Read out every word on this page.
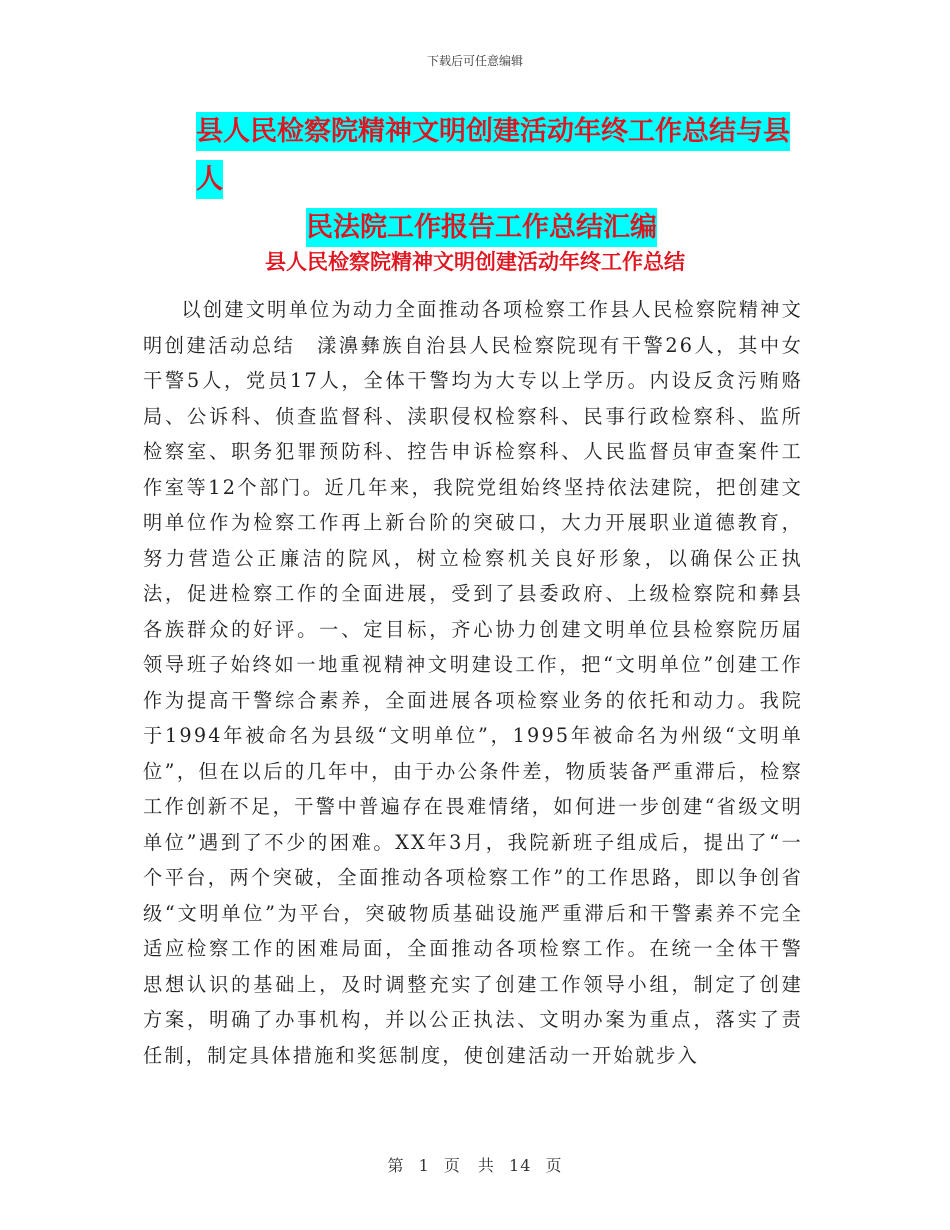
下载后可任意编辑
县人民检察院精神文明创建活动年终工作总结与县人
民法院工作报告工作总结汇编
县人民检察院精神文明创建活动年终工作总结

以创建文明单位为动力全面推动各项检察工作县人民检察院精神文明创建活动总结　漾濞彝族自治县人民检察院现有干警26人，其中女干警5人，党员17人，全体干警均为大专以上学历。内设反贪污贿赂局、公诉科、侦查监督科、渎职侵权检察科、民事行政检察科、监所检察室、职务犯罪预防科、控告申诉检察科、人民监督员审查案件工作室等12个部门。近几年来，我院党组始终坚持依法建院，把创建文明单位作为检察工作再上新台阶的突破口，大力开展职业道德教育，努力营造公正廉洁的院风，树立检察机关良好形象，以确保公正执法，促进检察工作的全面进展，受到了县委政府、上级检察院和彝县各族群众的好评。一、定目标，齐心协力创建文明单位县检察院历届领导班子始终如一地重视精神文明建设工作，把“文明单位”创建工作作为提高干警综合素养，全面进展各项检察业务的依托和动力。我院于1994年被命名为县级“文明单位”，1995年被命名为州级“文明单位”，但在以后的几年中，由于办公条件差，物质装备严重滞后，检察工作创新不足，干警中普遍存在畏难情绪，如何进一步创建“省级文明单位”遇到了不少的困难。XX年3月，我院新班子组成后，提出了“一个平台，两个突破，全面推动各项检察工作”的工作思路，即以争创省级“文明单位”为平台，突破物质基础设施严重滞后和干警素养不完全适应检察工作的困难局面，全面推动各项检察工作。在统一全体干警思想认识的基础上，及时调整充实了创建工作领导小组，制定了创建方案，明确了办事机构，并以公正执法、文明办案为重点，落实了责任制，制定具体措施和奖惩制度，使创建活动一开始就步入

第 1 页　共 14 页
